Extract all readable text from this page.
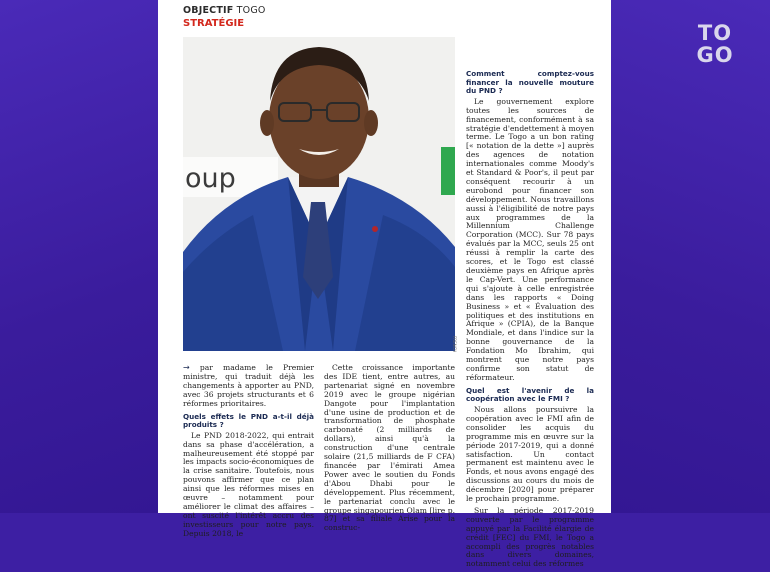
TO
GO
OBJECTIF TOGO
STRATÉGIE
oup
FRENCH

→ par madame le Premier ministre, qui traduit déjà les changements à apporter au PND, avec 36 projets structurants et 6 réformes prioritaires.

Quels effets le PND a-t-il déjà produits ?

Le PND 2018-2022, qui entrait dans sa phase d'accélération, a malheureusement été stoppé par les impacts socio-économiques de la crise sanitaire. Toutefois, nous pouvons affirmer que ce plan ainsi que les réformes mises en œuvre – notamment pour améliorer le climat des affaires – ont suscité l'intérêt accru des investisseurs pour notre pays. Depuis 2018, le

Cette croissance importante des IDE tient, entre autres, au partenariat signé en novembre 2019 avec le groupe nigérian Dangote pour l'implantation d'une usine de production et de transformation de phosphate carbonaté (2 milliards de dollars), ainsi qu'à la construction d'une centrale solaire (21,5 milliards de F CFA) financée par l'émirati Amea Power avec le soutien du Fonds d'Abou Dhabi pour le développement. Plus récemment, le partenariat conclu avec le groupe singapourien Olam [lire p. 87] et sa filiale Arise pour la construc-

Comment comptez-vous financer la nouvelle mouture du PND ?

Le gouvernement explore toutes les sources de financement, conformément à sa stratégie d'endettement à moyen terme. Le Togo a un bon rating [« notation de la dette »] auprès des agences de notation internationales comme Moody's et Standard & Poor's, il peut par conséquent recourir à un eurobond pour financer son développement. Nous travaillons aussi à l'éligibilité de notre pays aux programmes de la Millennium Challenge Corporation (MCC). Sur 78 pays évalués par la MCC, seuls 25 ont réussi à remplir la carte des scores, et le Togo est classé deuxième pays en Afrique après le Cap-Vert. Une performance qui s'ajoute à celle enregistrée dans les rapports « Doing Business » et « Évaluation des politiques et des institutions en Afrique » (CPIA), de la Banque Mondiale, et dans l'indice sur la bonne gouvernance de la Fondation Mo Ibrahim, qui montrent que notre pays confirme son statut de réformateur.

Quel est l'avenir de la coopération avec le FMI ?

Nous allons poursuivre la coopération avec le FMI afin de consolider les acquis du programme mis en œuvre sur la période 2017-2019, qui a donné satisfaction. Un contact permanent est maintenu avec le Fonds, et nous avons engagé des discussions au cours du mois de décembre [2020] pour préparer le prochain programme.

Sur la période 2017-2019 couverte par le programme appuyé par la Facilité élargie de crédit [FEC] du FMI, le Togo a accompli des progrès notables dans divers domaines, notamment celui des réformes
